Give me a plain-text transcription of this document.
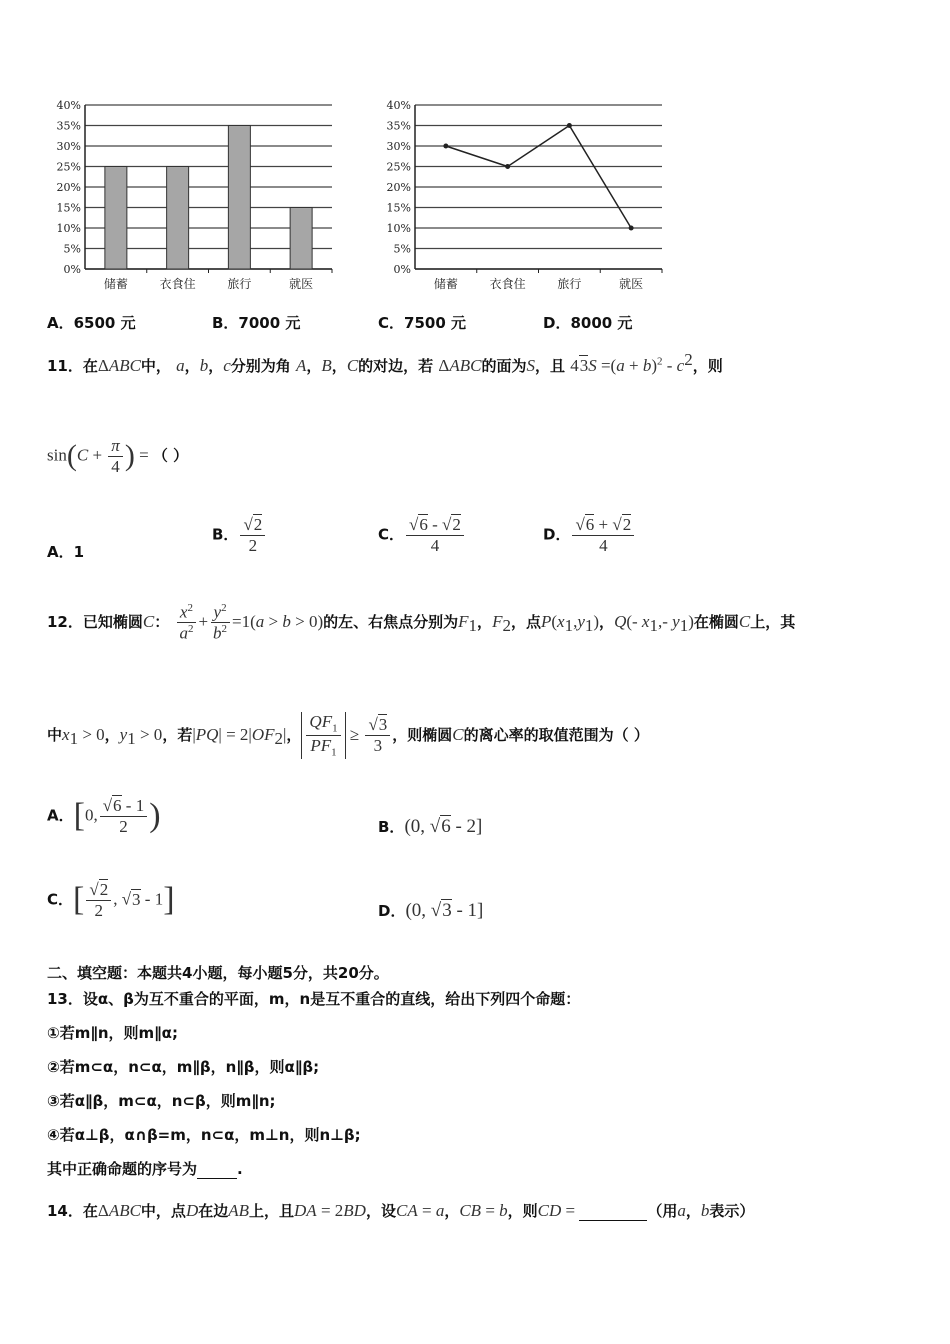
0%
5%
10%
15%
20%
25%
30%
35%
40%
储蓄	衣食住	旅行	就医
0%
5%
10%
15%
20%
25%
30%
35%
40%
储蓄	衣食住	旅行	就医
A．6500 元	B．7000 元	C．7500 元	D．8000 元
11．在ΔABC中， a，b，c分别为角 A，B，C的对边，若 ΔABC的面为S，且 $43S =(a + b)^2 - c^2$，则
$\sin(C + \frac{\pi}{4}$ ) = （ ）
A．1
B． $\frac{√2}{2}$	C． $\frac{√6 - √2}{4}$	D． $\frac{√6 + √2}{4}$
12．已知椭圆C： $\frac{x^2}{a^2} + \frac{y^2}{b^2} =1(a > b > 0)$的左、右焦点分别为$F_1$，$F_2$，点$P(x_1,y_1)$，Q(- $x_1,-$ $y_1$)在椭圆C上，其
中$x_1 > 0$，$y_1 > 0$，若$|PQ| = 2|OF_2|$， $\frac{QF_1}{PF_1} \ge \frac{√3}{3}$ ，则椭圆C的离心率的取值范围为（ ）
A．[0, $\frac{√6 - 1}{2}$ )	B．(0, √6 - 2]
C．[ $\frac{√2}{2}$ , √3 - 1]	D．(0, √3 - 1]
二、填空题：本题共4小题，每小题5分，共20分。
13．设α、β为互不重合的平面，m，n是互不重合的直线，给出下列四个命题：
①若m∥n，则m∥α;
②若m⊂α，n⊂α，m∥β，n∥β，则α∥β;
③若α∥β，m⊂α，n⊂β，则m∥n;
④若α⊥β，α∩β=m，n⊂α，m⊥n，则n⊥β;
其中正确命题的序号为	.
14．在ΔABC中，点D在边AB上，且DA = 2BD，设CA = a，CB = b，则CD =	（用a，b表示）
